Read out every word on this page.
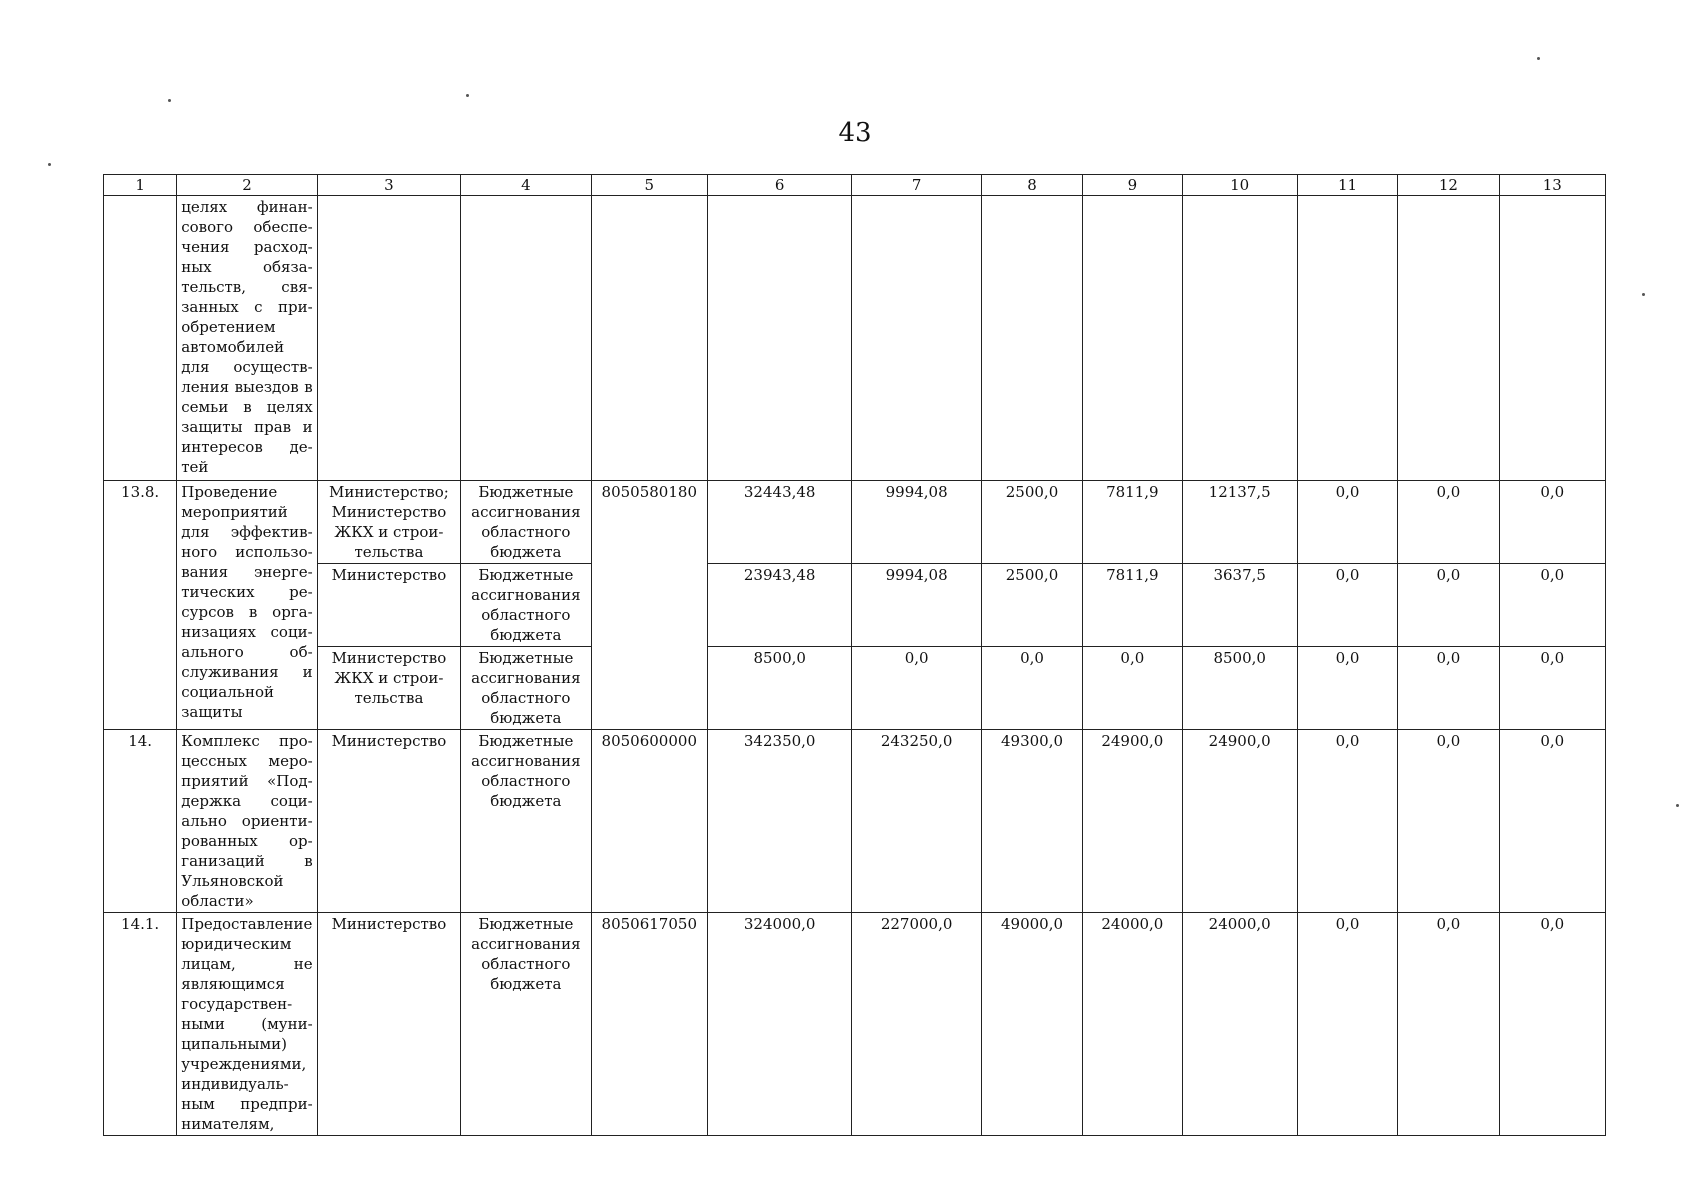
43
1	2	3	4	5	6	7	8	9	10	11	12	13
	целях финансового обеспечения расходных обязательств, связанных с приобретением автомобилей для осуществления выездов в семьи в целях защиты прав и интересов детей											
13.8.	Проведение мероприятий для эффективного использования энергетических ресурсов в организациях социального обслуживания и социальной защиты	Министерство; Министерство ЖКХ и строительства	Бюджетные ассигнования областного бюджета	8050580180	32443,48	9994,08	2500,0	7811,9	12137,5	0,0	0,0	0,0
		Министерство	Бюджетные ассигнования областного бюджета		23943,48	9994,08	2500,0	7811,9	3637,5	0,0	0,0	0,0
		Министерство ЖКХ и строительства	Бюджетные ассигнования областного бюджета		8500,0	0,0	0,0	0,0	8500,0	0,0	0,0	0,0
14.	Комплекс процессных мероприятий «Поддержка социально ориентированных организаций в Ульяновской области»	Министерство	Бюджетные ассигнования областного бюджета	8050600000	342350,0	243250,0	49300,0	24900,0	24900,0	0,0	0,0	0,0
14.1.	Предоставление юридическим лицам, не являющимся государственными (муниципальными) учреждениями, индивидуальным предпринимателям,	Министерство	Бюджетные ассигнования областного бюджета	8050617050	324000,0	227000,0	49000,0	24000,0	24000,0	0,0	0,0	0,0
